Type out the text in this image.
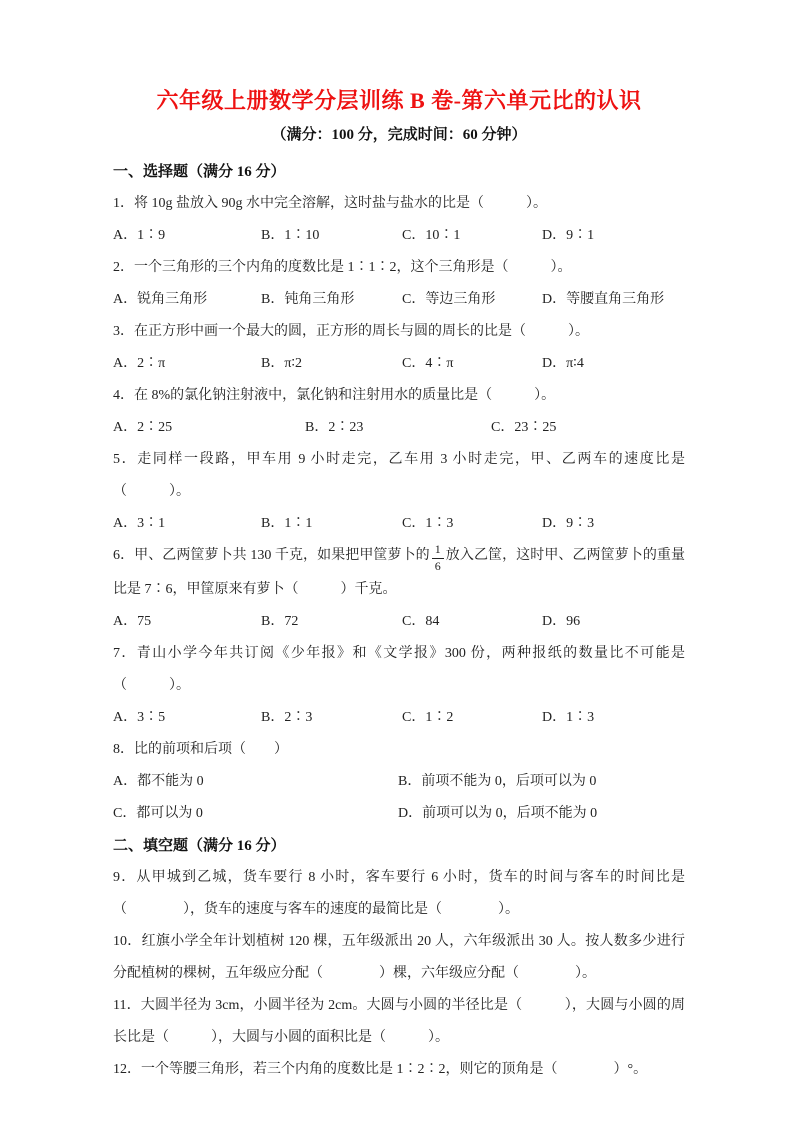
六年级上册数学分层训练 B 卷-第六单元比的认识
（满分：100 分，完成时间：60 分钟）
一、选择题（满分 16 分）

1．将 10g 盐放入 90g 水中完全溶解，这时盐与盐水的比是（　　　）。

A．1∶9	B．1∶10	C．10∶1	D．9∶1

2．一个三角形的三个内角的度数比是 1∶1∶2，这个三角形是（　　　）。

A．锐角三角形	B．钝角三角形	C．等边三角形	D．等腰直角三角形

3．在正方形中画一个最大的圆，正方形的周长与圆的周长的比是（　　　）。

A．2∶π	B．π∶2	C．4∶π	D．π∶4

4．在 8%的氯化钠注射液中，氯化钠和注射用水的质量比是（　　　）。

A．2∶25	B．2∶23	C．23∶25

5．走同样一段路，甲车用 9 小时走完，乙车用 3 小时走完，甲、乙两车的速度比是（　　　）。

A．3∶1	B．1∶1	C．1∶3	D．9∶3

6．甲、乙两筐萝卜共 130 千克，如果把甲筐萝卜的 $\frac{1}{6}$ 放入乙筐，这时甲、乙两筐萝卜的重量比是 7∶6，甲筐原来有萝卜（　　　）千克。

A．75	B．72	C．84	D．96

7．青山小学今年共订阅《少年报》和《文学报》300 份，两种报纸的数量比不可能是（　　　）。

A．3∶5	B．2∶3	C．1∶2	D．1∶3

8．比的前项和后项（　　）

A．都不能为 0	B．前项不能为 0，后项可以为 0
C．都可以为 0	D．前项可以为 0，后项不能为 0
二、填空题（满分 16 分）

9．从甲城到乙城，货车要行 8 小时，客车要行 6 小时，货车的时间与客车的时间比是（　　　　），货车的速度与客车的速度的最简比是（　　　　）。

10．红旗小学全年计划植树 120 棵，五年级派出 20 人，六年级派出 30 人。按人数多少进行分配植树的棵树，五年级应分配（　　　　）棵，六年级应分配（　　　　）。

11．大圆半径为 3cm，小圆半径为 2cm。大圆与小圆的半径比是（　　　），大圆与小圆的周长比是（　　　），大圆与小圆的面积比是（　　　）。

12．一个等腰三角形，若三个内角的度数比是 1∶2∶2，则它的顶角是（　　　　）°。
